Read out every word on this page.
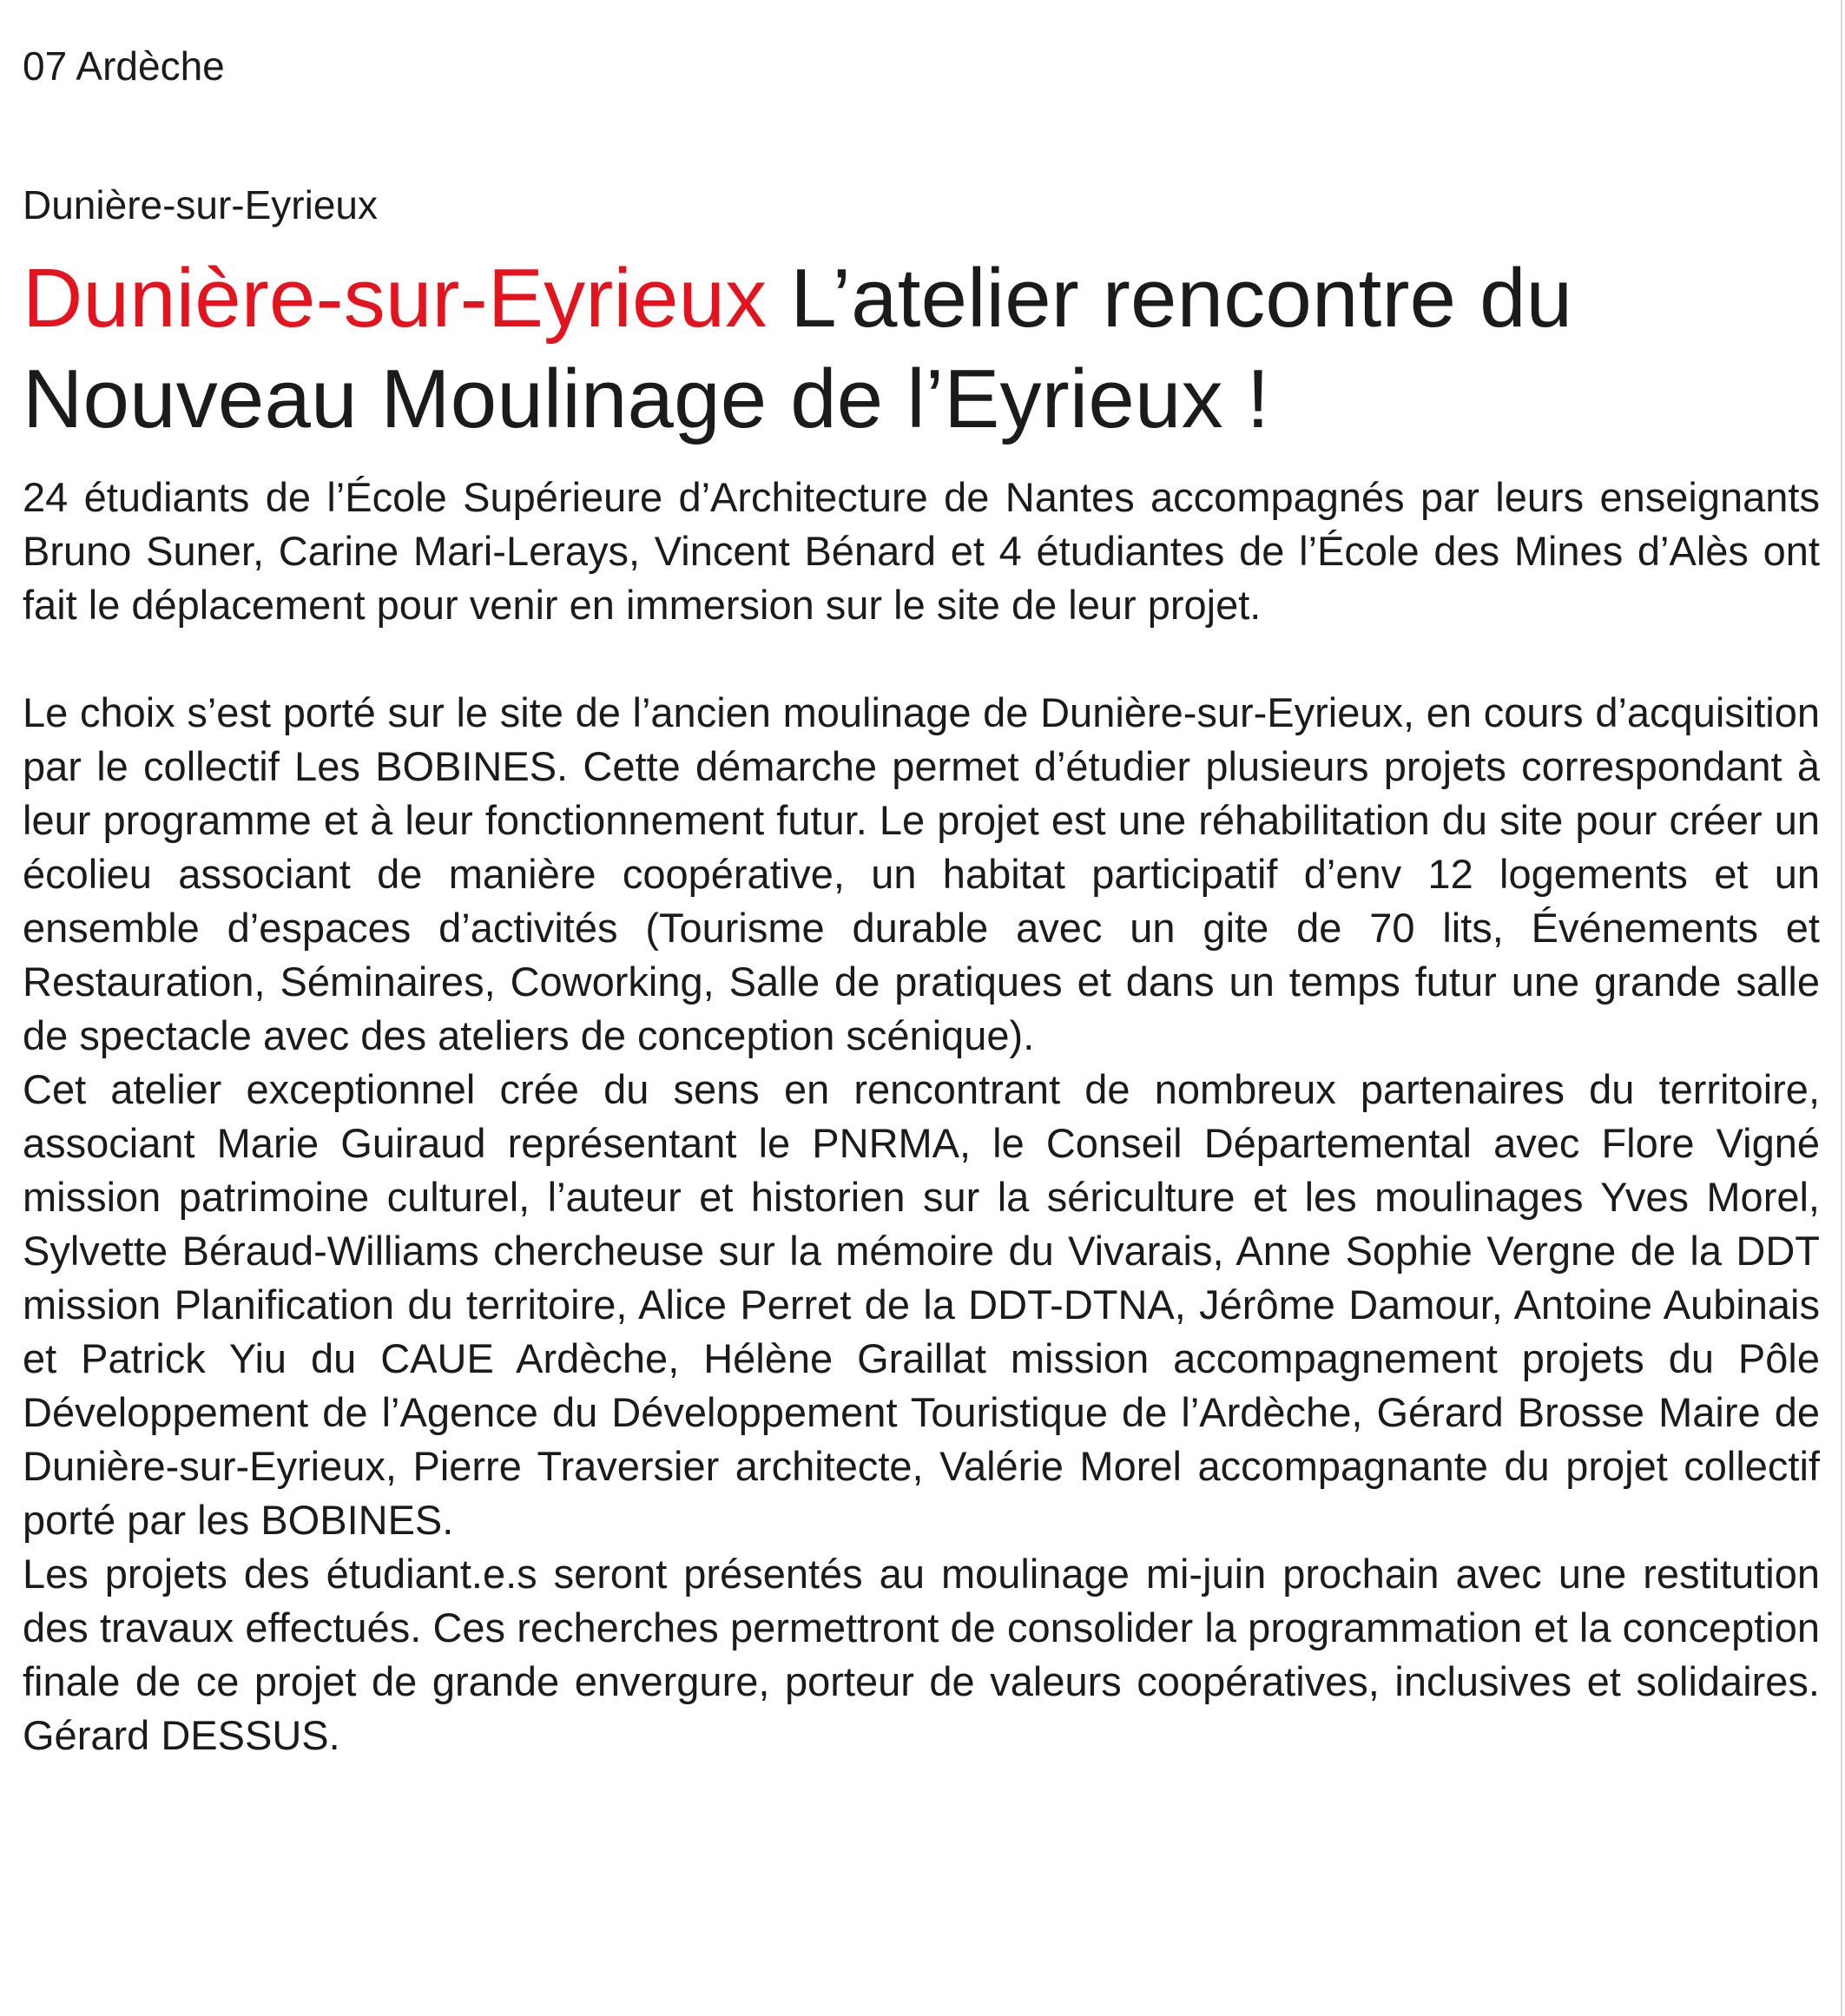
07 Ardèche
Dunière-sur-Eyrieux
Dunière-sur-Eyrieux L’atelier rencontre du Nouveau Moulinage de l’Eyrieux !

24 étudiants de l’École Supérieure d’Architecture de Nantes accompagnés par leurs enseignants Bruno Suner, Carine Mari-Lerays, Vincent Bénard et 4 étudiantes de l’École des Mines d’Alès ont fait le déplacement pour venir en immersion sur le site de leur projet.

Le choix s’est porté sur le site de l’ancien moulinage de Dunière-sur-Eyrieux, en cours d’acquisition par le collectif Les BOBINES. Cette démarche permet d’étudier plusieurs projets correspondant à leur programme et à leur fonctionnement futur. Le projet est une réhabilitation du site pour créer un écolieu associant de manière coopérative, un habitat participatif d’env 12 logements et un ensemble d’espaces d’activités (Tourisme durable avec un gite de 70 lits, Événements et Restauration, Séminaires, Coworking, Salle de pratiques et dans un temps futur une grande salle de spectacle avec des ateliers de conception scénique).

Cet atelier exceptionnel crée du sens en rencontrant de nombreux partenaires du territoire, associant Marie Guiraud représentant le PNRMA, le Conseil Départemental avec Flore Vigné mission patrimoine culturel, l’auteur et historien sur la sériculture et les moulinages Yves Morel, Sylvette Béraud-Williams chercheuse sur la mémoire du Vivarais, Anne Sophie Vergne de la DDT mission Planification du territoire, Alice Perret de la DDT-DTNA, Jérôme Damour, Antoine Aubinais et Patrick Yiu du CAUE Ardèche, Hélène Graillat mission accompagnement projets du Pôle Développement de l’Agence du Développement Touristique de l’Ardèche, Gérard Brosse Maire de Dunière-sur-Eyrieux, Pierre Traversier architecte, Valérie Morel accompagnante du projet collectif porté par les BOBINES.

Les projets des étudiant.e.s seront présentés au moulinage mi-juin prochain avec une restitution des travaux effectués. Ces recherches permettront de consolider la programmation et la conception finale de ce projet de grande envergure, porteur de valeurs coopératives, inclusives et solidaires. Gérard DESSUS.
